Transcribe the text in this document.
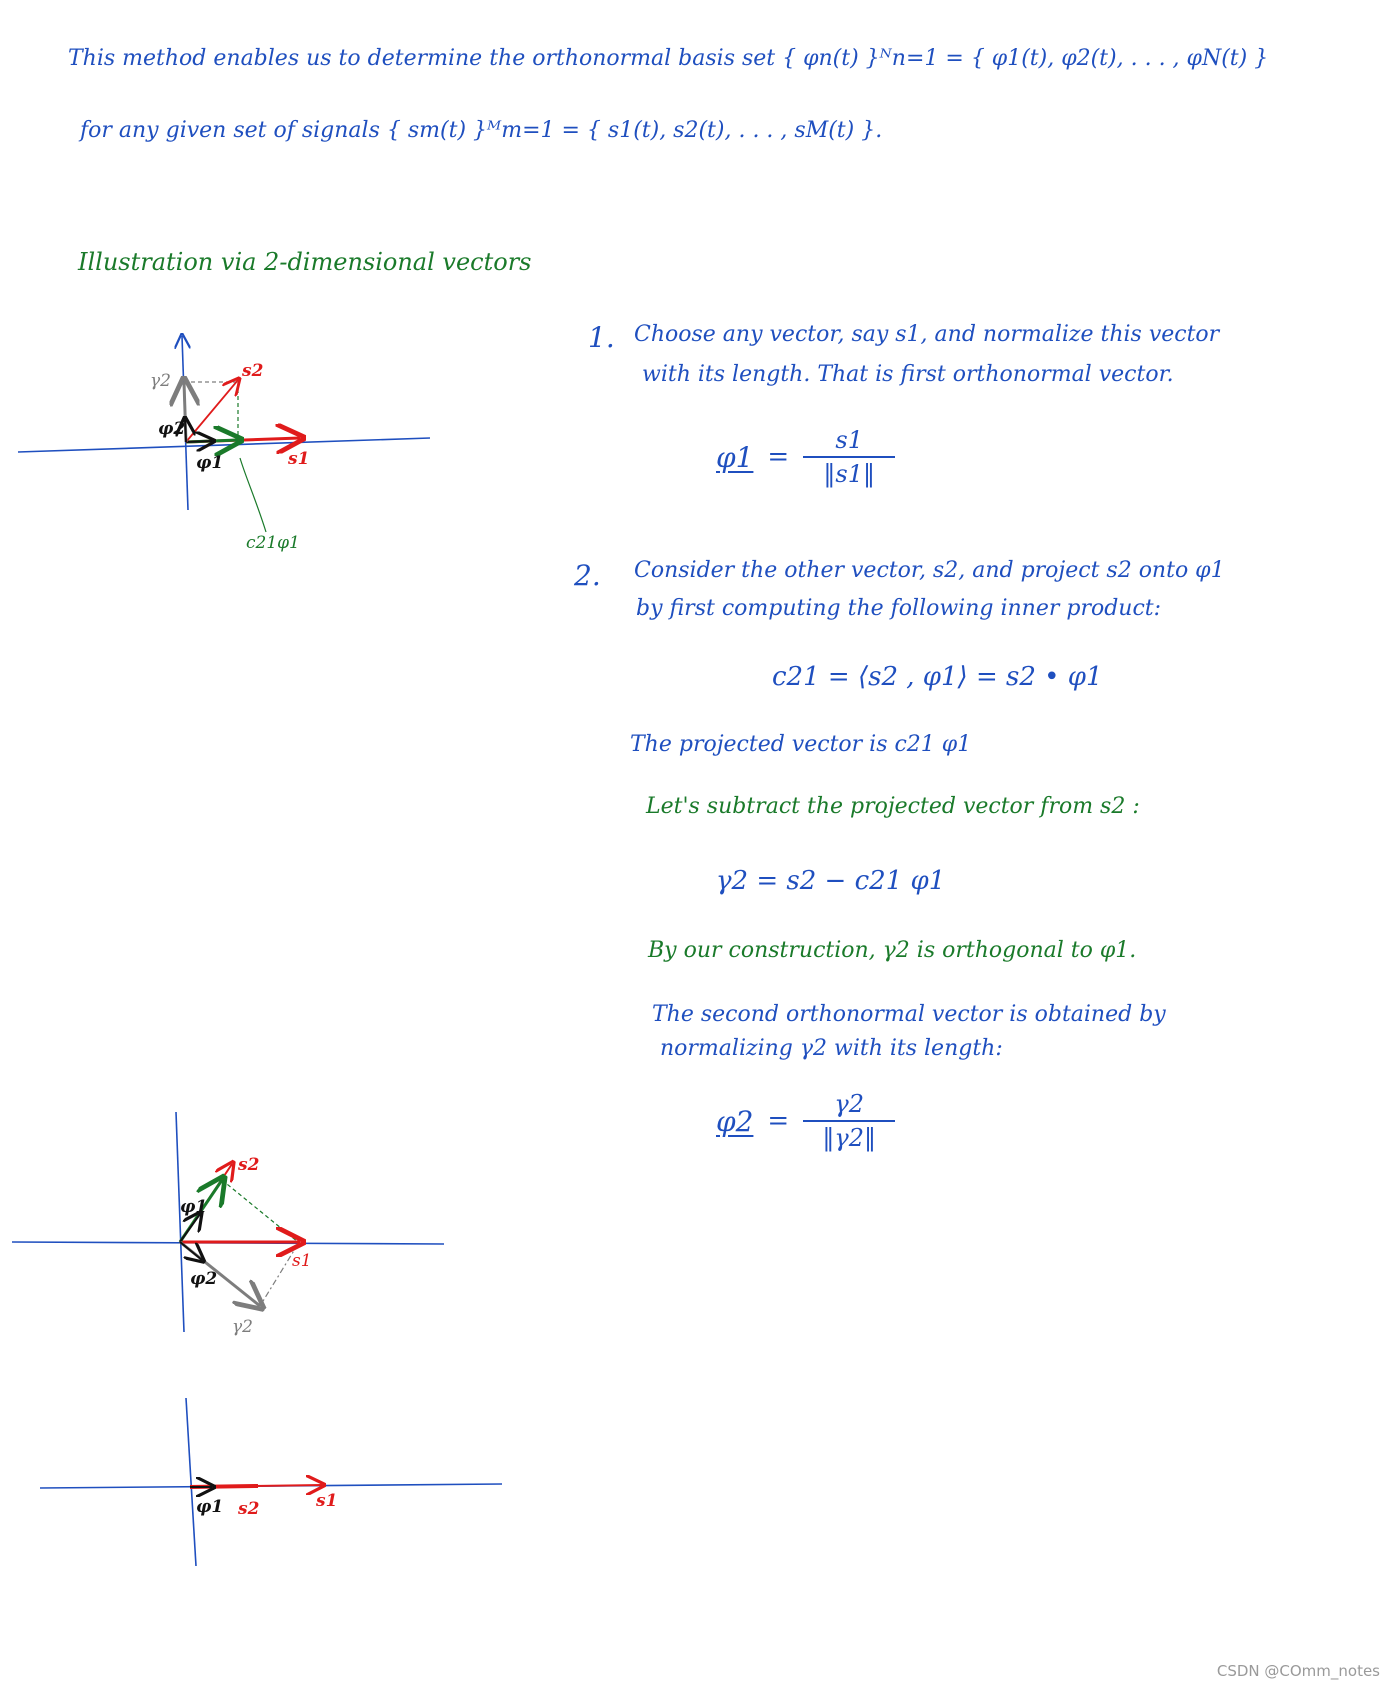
This method enables us to determine the orthonormal basis set { φn(t) }ᴺn=1 = { φ1(t), φ2(t), . . . , φN(t) }
for any given set of signals { sm(t) }ᴹm=1 = { s1(t), s2(t), . . . , sM(t) }.
Illustration via 2-dimensional vectors
1. Choose any vector, say s1, and normalize this vector
with its length. That is first orthonormal vector.
$\varphi 1 = \frac{s1}{‖s1‖}$
2. Consider the other vector, s2, and project s2 onto φ1
by first computing the following inner product:
c21 = ⟨s2 , φ1⟩ = s2 • φ1
The projected vector is c21 φ1
Let's subtract the projected vector from s2 :
γ2 = s2 − c21 φ1
By our construction, γ2 is orthogonal to φ1.
The second orthonormal vector is obtained by
normalizing γ2 with its length:
$\varphi 2 = \frac{\gamma 2}{‖\gamma 2‖}$
γ2	s2
φ2
φ1	s1
c21φ1
s2
φ1
s1
φ2
γ2
φ1 s2	s1
CSDN @COmm_notes
